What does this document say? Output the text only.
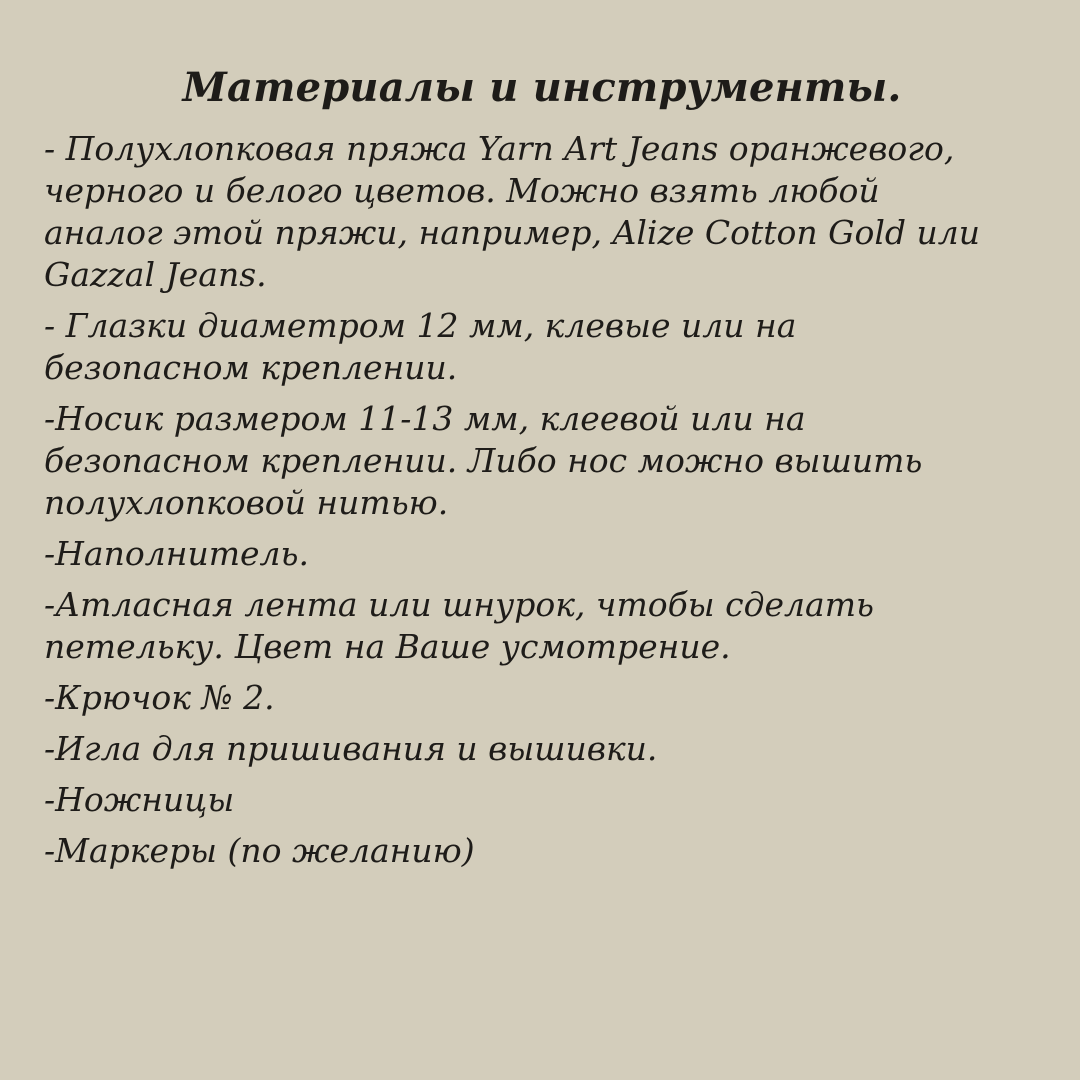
Материалы и инструменты.
- Полухлопковая пряжа Yarn Art Jeans оранжевого,
черного и белого цветов. Можно взять любой
аналог этой пряжи, например, Alize Cotton Gold или
Gazzal Jeans.
- Глазки диаметром 12 мм, клевые или на
безопасном креплении.
-Носик размером 11-13 мм, клеевой или на
безопасном креплении. Либо нос можно вышить
полухлопковой нитью.
-Наполнитель.
-Атласная лента или шнурок, чтобы сделать
петельку. Цвет на Ваше усмотрение.
-Крючок № 2.
-Игла для пришивания и вышивки.
-Ножницы
-Маркеры (по желанию)
